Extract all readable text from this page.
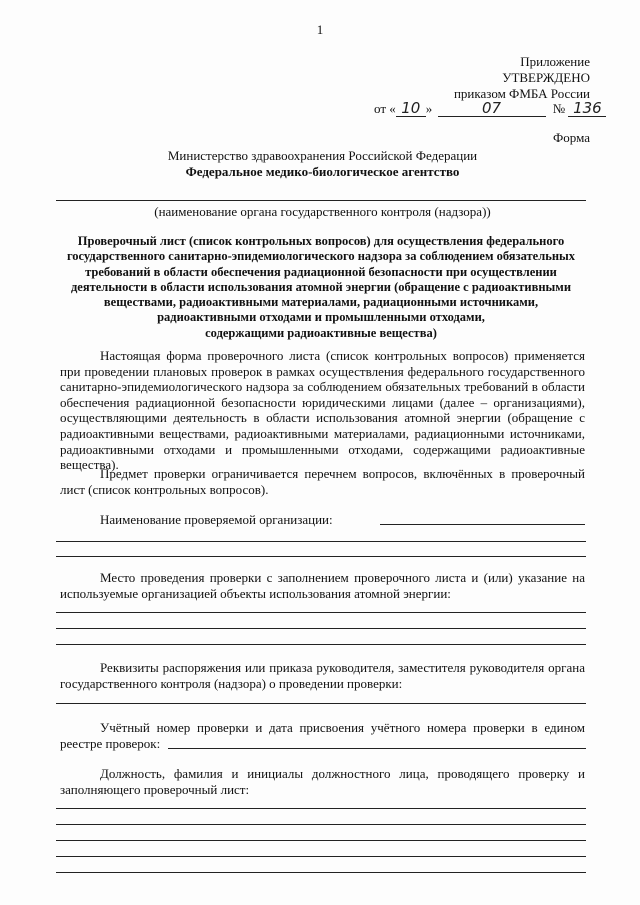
1
Приложение
УТВЕРЖДЕНО
приказом ФМБА России
от « 10 »	07	№ 136
Форма
Министерство здравоохранения Российской Федерации
Федеральное медико-биологическое агентство
(наименование органа государственного контроля (надзора))
Проверочный лист (список контрольных вопросов) для осуществления федерального
государственного санитарно-эпидемиологического надзора за соблюдением обязательных
требований в области обеспечения радиационной безопасности при осуществлении
деятельности в области использования атомной энергии (обращение с радиоактивными
веществами, радиоактивными материалами, радиационными источниками,
радиоактивными отходами и промышленными отходами,
содержащими радиоактивные вещества)
Настоящая форма проверочного листа (список контрольных вопросов) применяется при проведении плановых проверок в рамках осуществления федерального государственного санитарно-эпидемиологического надзора за соблюдением обязательных требований в области обеспечения радиационной безопасности юридическими лицами (далее – организациями), осуществляющими деятельность в области использования атомной энергии (обращение с радиоактивными веществами, радиоактивными материалами, радиационными источниками, радиоактивными отходами и промышленными отходами, содержащими радиоактивные вещества).
Предмет проверки ограничивается перечнем вопросов, включённых в проверочный лист (список контрольных вопросов).
Наименование проверяемой организации:
Место проведения проверки с заполнением проверочного листа и (или) указание на используемые организацией объекты использования атомной энергии:
Реквизиты распоряжения или приказа руководителя, заместителя руководителя органа государственного контроля (надзора) о проведении проверки:
Учётный номер проверки и дата присвоения учётного номера проверки в едином реестре проверок:
Должность, фамилия и инициалы должностного лица, проводящего проверку и заполняющего проверочный лист:
